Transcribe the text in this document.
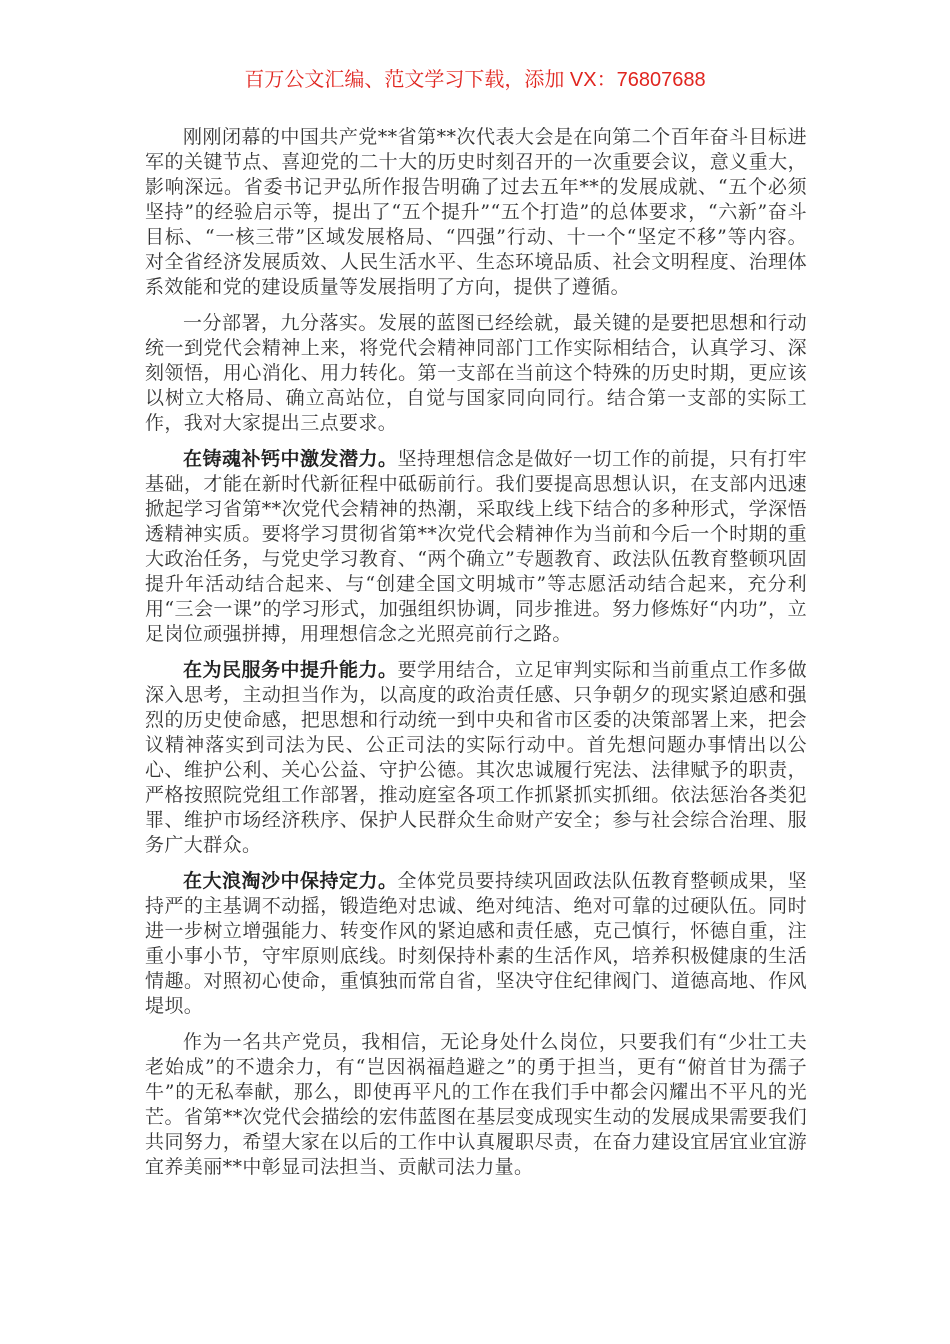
百万公文汇编、范文学习下载，添加 VX：76807688

刚刚闭幕的中国共产党**省第**次代表大会是在向第二个百年奋斗目标进军的关键节点、喜迎党的二十大的历史时刻召开的一次重要会议，意义重大，影响深远。省委书记尹弘所作报告明确了过去五年**的发展成就、“五个必须坚持”的经验启示等，提出了“五个提升”“五个打造”的总体要求，“六新”奋斗目标、“一核三带”区域发展格局、“四强”行动、十一个“坚定不移”等内容。对全省经济发展质效、人民生活水平、生态环境品质、社会文明程度、治理体系效能和党的建设质量等发展指明了方向，提供了遵循。

一分部署，九分落实。发展的蓝图已经绘就，最关键的是要把思想和行动统一到党代会精神上来，将党代会精神同部门工作实际相结合，认真学习、深刻领悟，用心消化、用力转化。第一支部在当前这个特殊的历史时期，更应该以树立大格局、确立高站位，自觉与国家同向同行。结合第一支部的实际工作，我对大家提出三点要求。

在铸魂补钙中激发潜力。坚持理想信念是做好一切工作的前提，只有打牢基础，才能在新时代新征程中砥砺前行。我们要提高思想认识，在支部内迅速掀起学习省第**次党代会精神的热潮，采取线上线下结合的多种形式，学深悟透精神实质。要将学习贯彻省第**次党代会精神作为当前和今后一个时期的重大政治任务，与党史学习教育、“两个确立”专题教育、政法队伍教育整顿巩固提升年活动结合起来、与“创建全国文明城市”等志愿活动结合起来，充分利用“三会一课”的学习形式，加强组织协调，同步推进。努力修炼好“内功”，立足岗位顽强拼搏，用理想信念之光照亮前行之路。

在为民服务中提升能力。要学用结合，立足审判实际和当前重点工作多做深入思考，主动担当作为，以高度的政治责任感、只争朝夕的现实紧迫感和强烈的历史使命感，把思想和行动统一到中央和省市区委的决策部署上来，把会议精神落实到司法为民、公正司法的实际行动中。首先想问题办事情出以公心、维护公利、关心公益、守护公德。其次忠诚履行宪法、法律赋予的职责，严格按照院党组工作部署，推动庭室各项工作抓紧抓实抓细。依法惩治各类犯罪、维护市场经济秩序、保护人民群众生命财产安全；参与社会综合治理、服务广大群众。

在大浪淘沙中保持定力。全体党员要持续巩固政法队伍教育整顿成果，坚持严的主基调不动摇，锻造绝对忠诚、绝对纯洁、绝对可靠的过硬队伍。同时进一步树立增强能力、转变作风的紧迫感和责任感，克己慎行，怀德自重，注重小事小节，守牢原则底线。时刻保持朴素的生活作风，培养积极健康的生活情趣。对照初心使命，重慎独而常自省，坚决守住纪律阀门、道德高地、作风堤坝。

作为一名共产党员，我相信，无论身处什么岗位，只要我们有“少壮工夫老始成”的不遗余力，有“岂因祸福趋避之”的勇于担当，更有“俯首甘为孺子牛”的无私奉献，那么，即使再平凡的工作在我们手中都会闪耀出不平凡的光芒。省第**次党代会描绘的宏伟蓝图在基层变成现实生动的发展成果需要我们共同努力，希望大家在以后的工作中认真履职尽责，在奋力建设宜居宜业宜游宜养美丽**中彰显司法担当、贡献司法力量。
